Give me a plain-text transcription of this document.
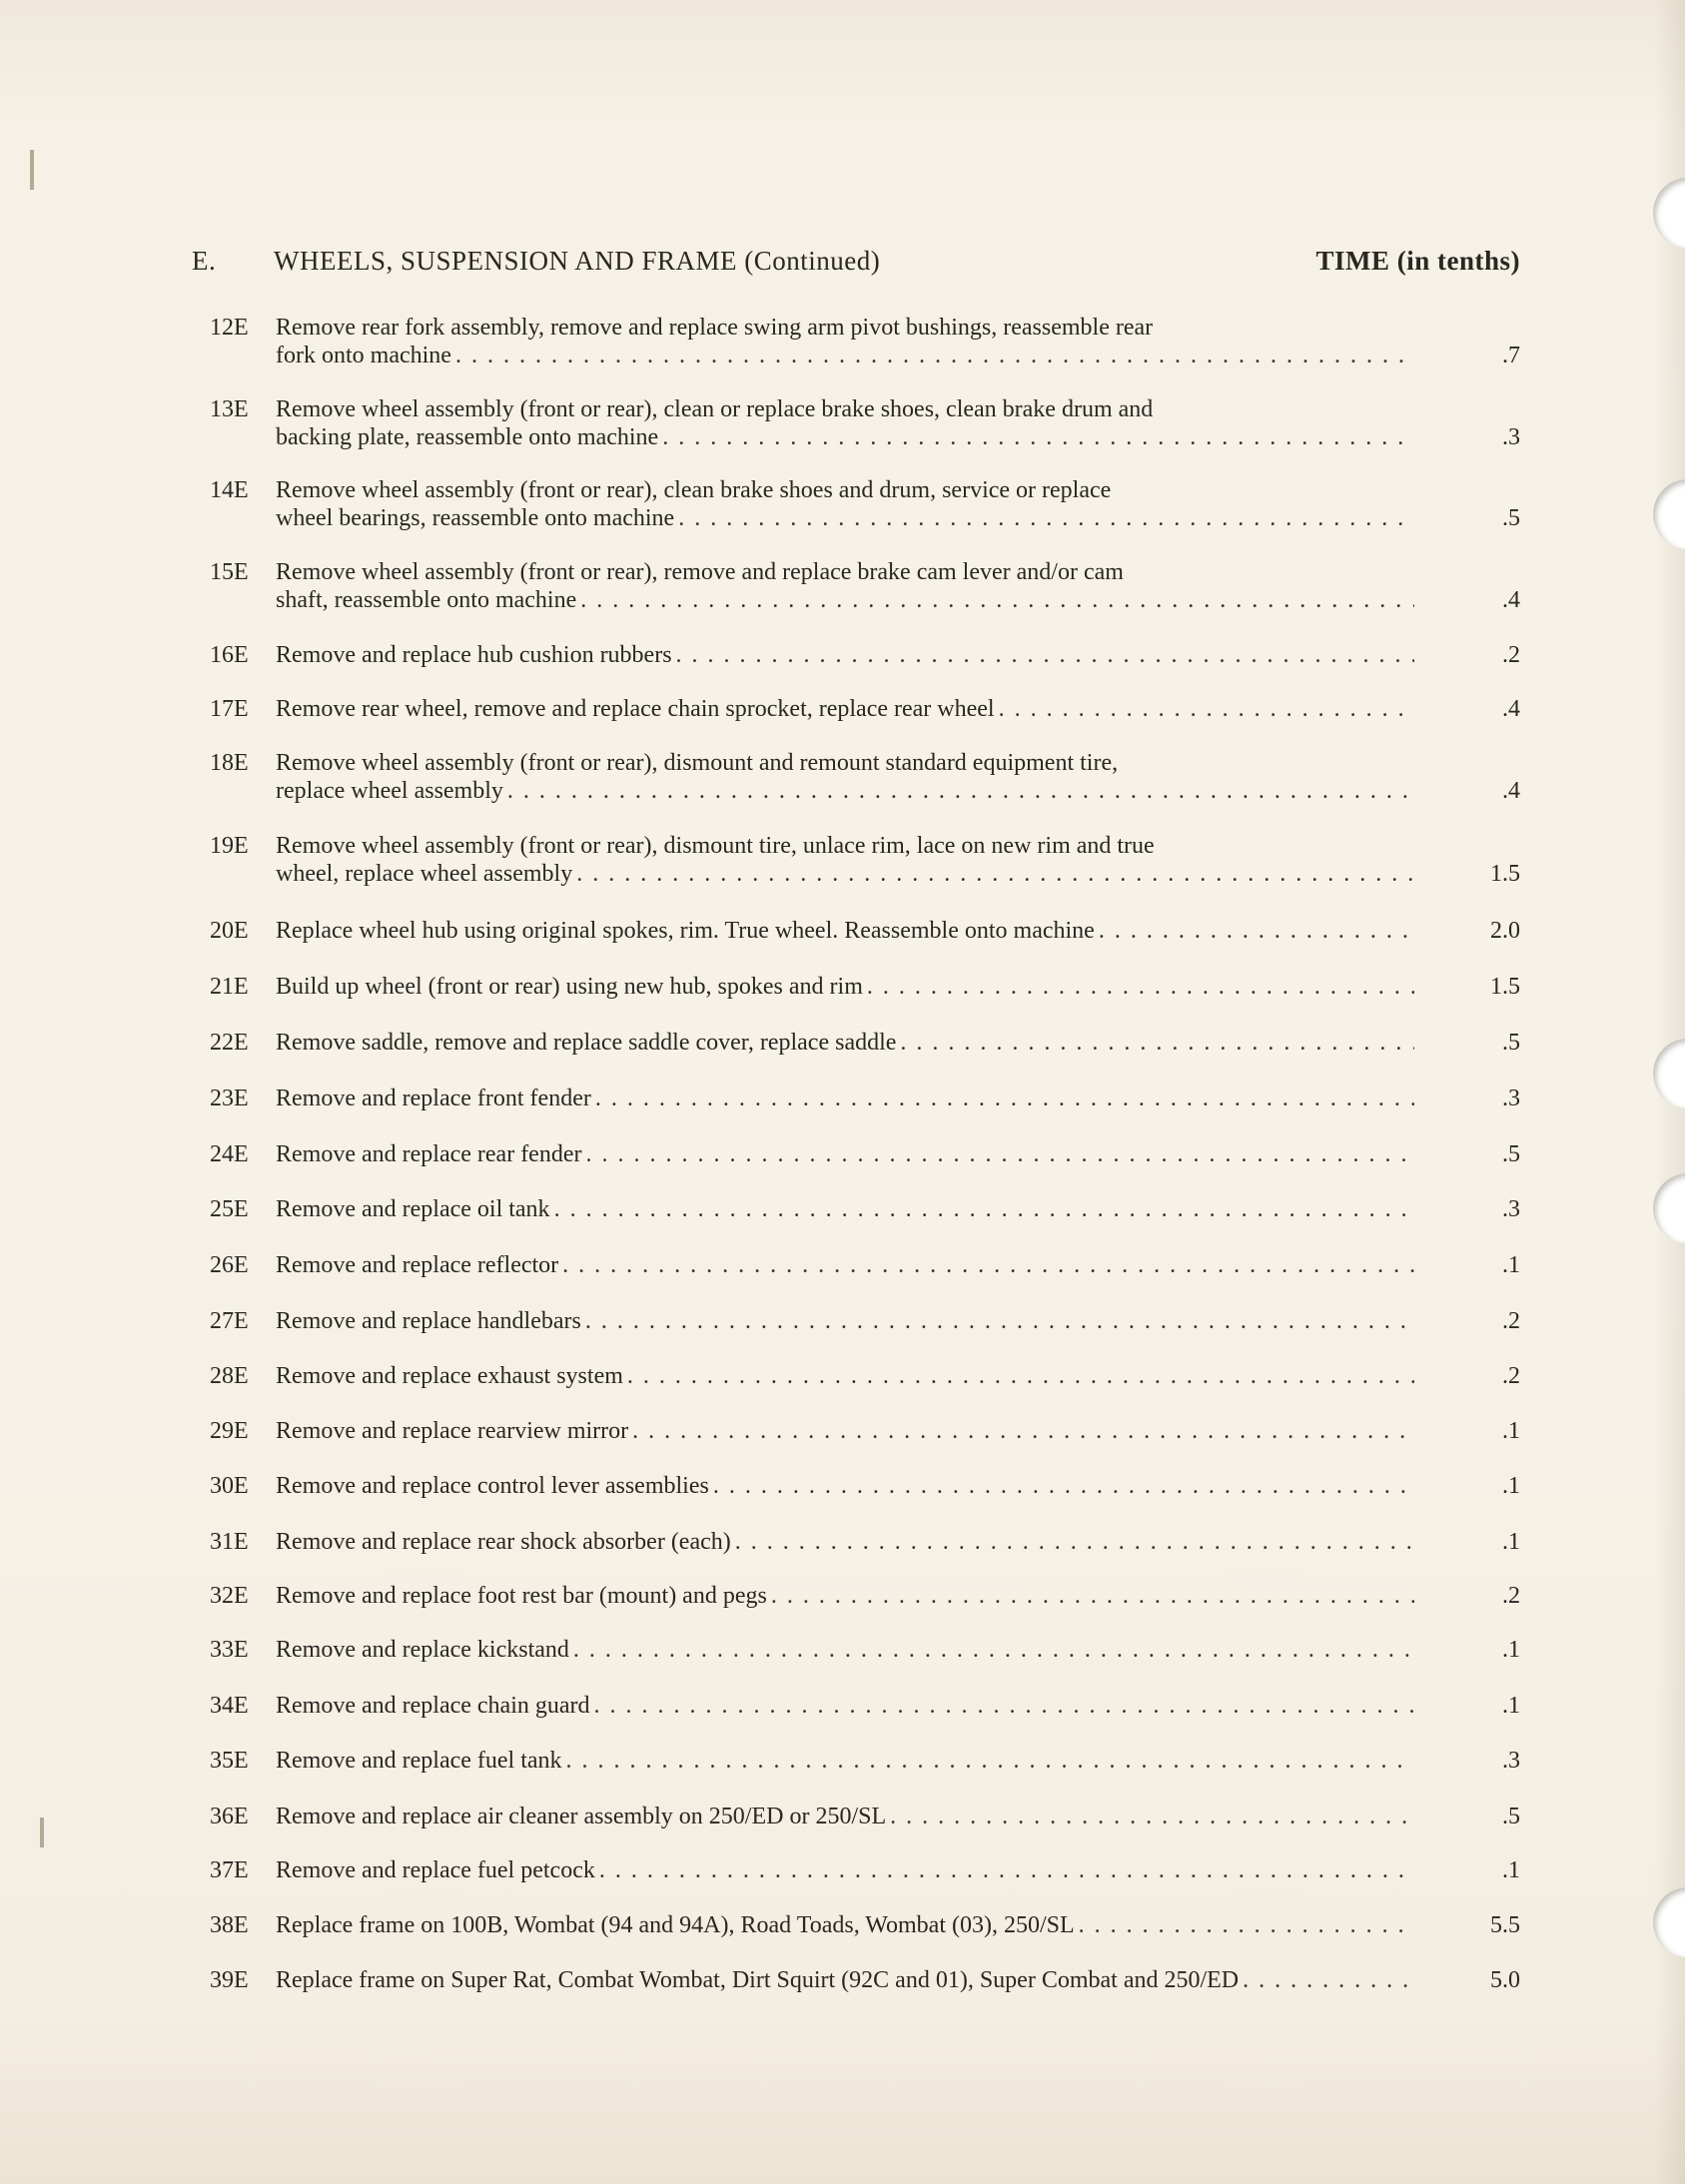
E. WHEELS, SUSPENSION AND FRAME (Continued)	TIME (in tenths)
12E	Remove rear fork assembly, remove and replace swing arm pivot bushings, reassemble rear
fork onto machine . . .	.7
13E	Remove wheel assembly (front or rear), clean or replace brake shoes, clean brake drum and
backing plate, reassemble onto machine . . .	.3
14E	Remove wheel assembly (front or rear), clean brake shoes and drum, service or replace
wheel bearings, reassemble onto machine . . .	.5
15E	Remove wheel assembly (front or rear), remove and replace brake cam lever and/or cam
shaft, reassemble onto machine . . .	.4
16E	Remove and replace hub cushion rubbers . . .	.2
17E	Remove rear wheel, remove and replace chain sprocket, replace rear wheel . . .	.4
18E	Remove wheel assembly (front or rear), dismount and remount standard equipment tire,
replace wheel assembly . . .	.4
19E	Remove wheel assembly (front or rear), dismount tire, unlace rim, lace on new rim and true
wheel, replace wheel assembly . . .	1.5
20E	Replace wheel hub using original spokes, rim. True wheel. Reassemble onto machine . . .	2.0
21E	Build up wheel (front or rear) using new hub, spokes and rim . . .	1.5
22E	Remove saddle, remove and replace saddle cover, replace saddle . . .	.5
23E	Remove and replace front fender . . .	.3
24E	Remove and replace rear fender . . .	.5
25E	Remove and replace oil tank . . .	.3
26E	Remove and replace reflector . . .	.1
27E	Remove and replace handlebars . . .	.2
28E	Remove and replace exhaust system . . .	.2
29E	Remove and replace rearview mirror . . .	.1
30E	Remove and replace control lever assemblies . . .	.1
31E	Remove and replace rear shock absorber (each) . . .	.1
32E	Remove and replace foot rest bar (mount) and pegs . . .	.2
33E	Remove and replace kickstand . . .	.1
34E	Remove and replace chain guard . . .	.1
35E	Remove and replace fuel tank . . .	.3
36E	Remove and replace air cleaner assembly on 250/ED or 250/SL . . .	.5
37E	Remove and replace fuel petcock . . .	.1
38E	Replace frame on 100B, Wombat (94 and 94A), Road Toads, Wombat (03), 250/SL . . .	5.5
39E	Replace frame on Super Rat, Combat Wombat, Dirt Squirt (92C and 01), Super Combat and 250/ED . . .	5.0
